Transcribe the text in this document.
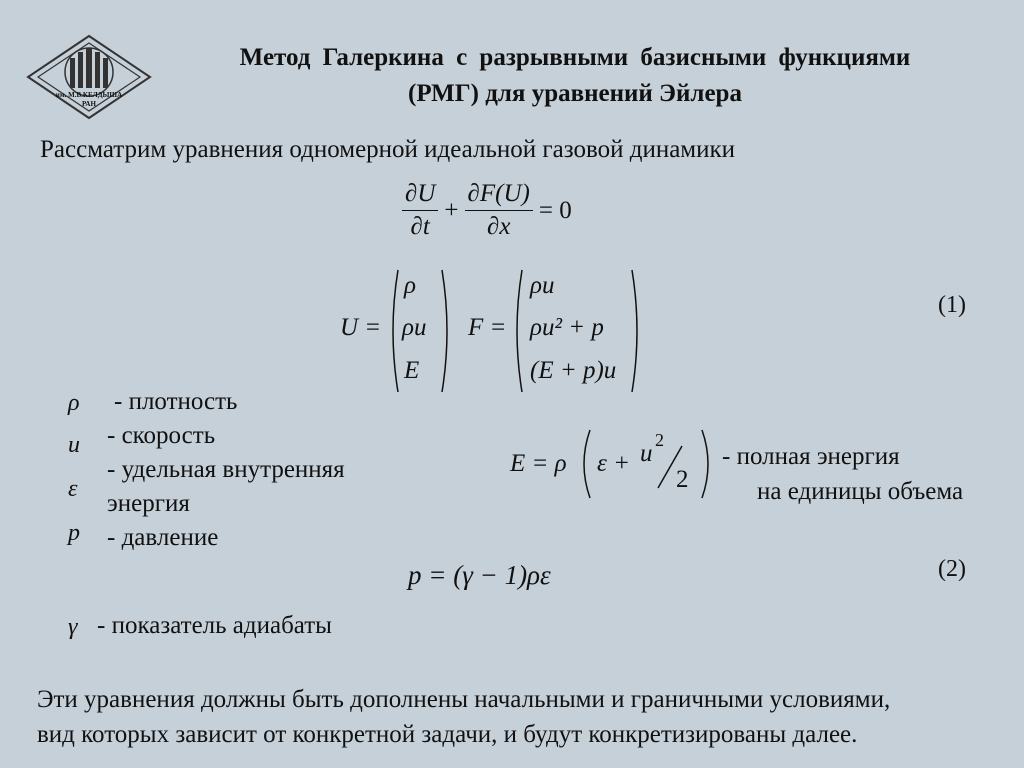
им. М.В.КЕЛДЫША
РАН
Метод Галеркина с разрывными базисными функциями
(РМГ) для уравнений Эйлера
Рассматрим уравнения одномерной идеальной газовой динамики
$\frac{\partial U}{\partial t} + \frac{\partial F(U)}{\partial x} = 0$
U =
ρ
ρu
E
F =
ρu
ρu² + p
(E + p)u
(1)
ρ - плотность
u - скорость
ε
- удельная внутренняя
энергия
p - давление
E = ρ ε + u 2
2
- полная энергия
на единицы объема
p = (γ − 1)ρε	(2)
γ - показатель адиабаты
Эти уравнения должны быть дополнены начальными и граничными условиями,
вид которых зависит от конкретной задачи, и будут конкретизированы далее.
